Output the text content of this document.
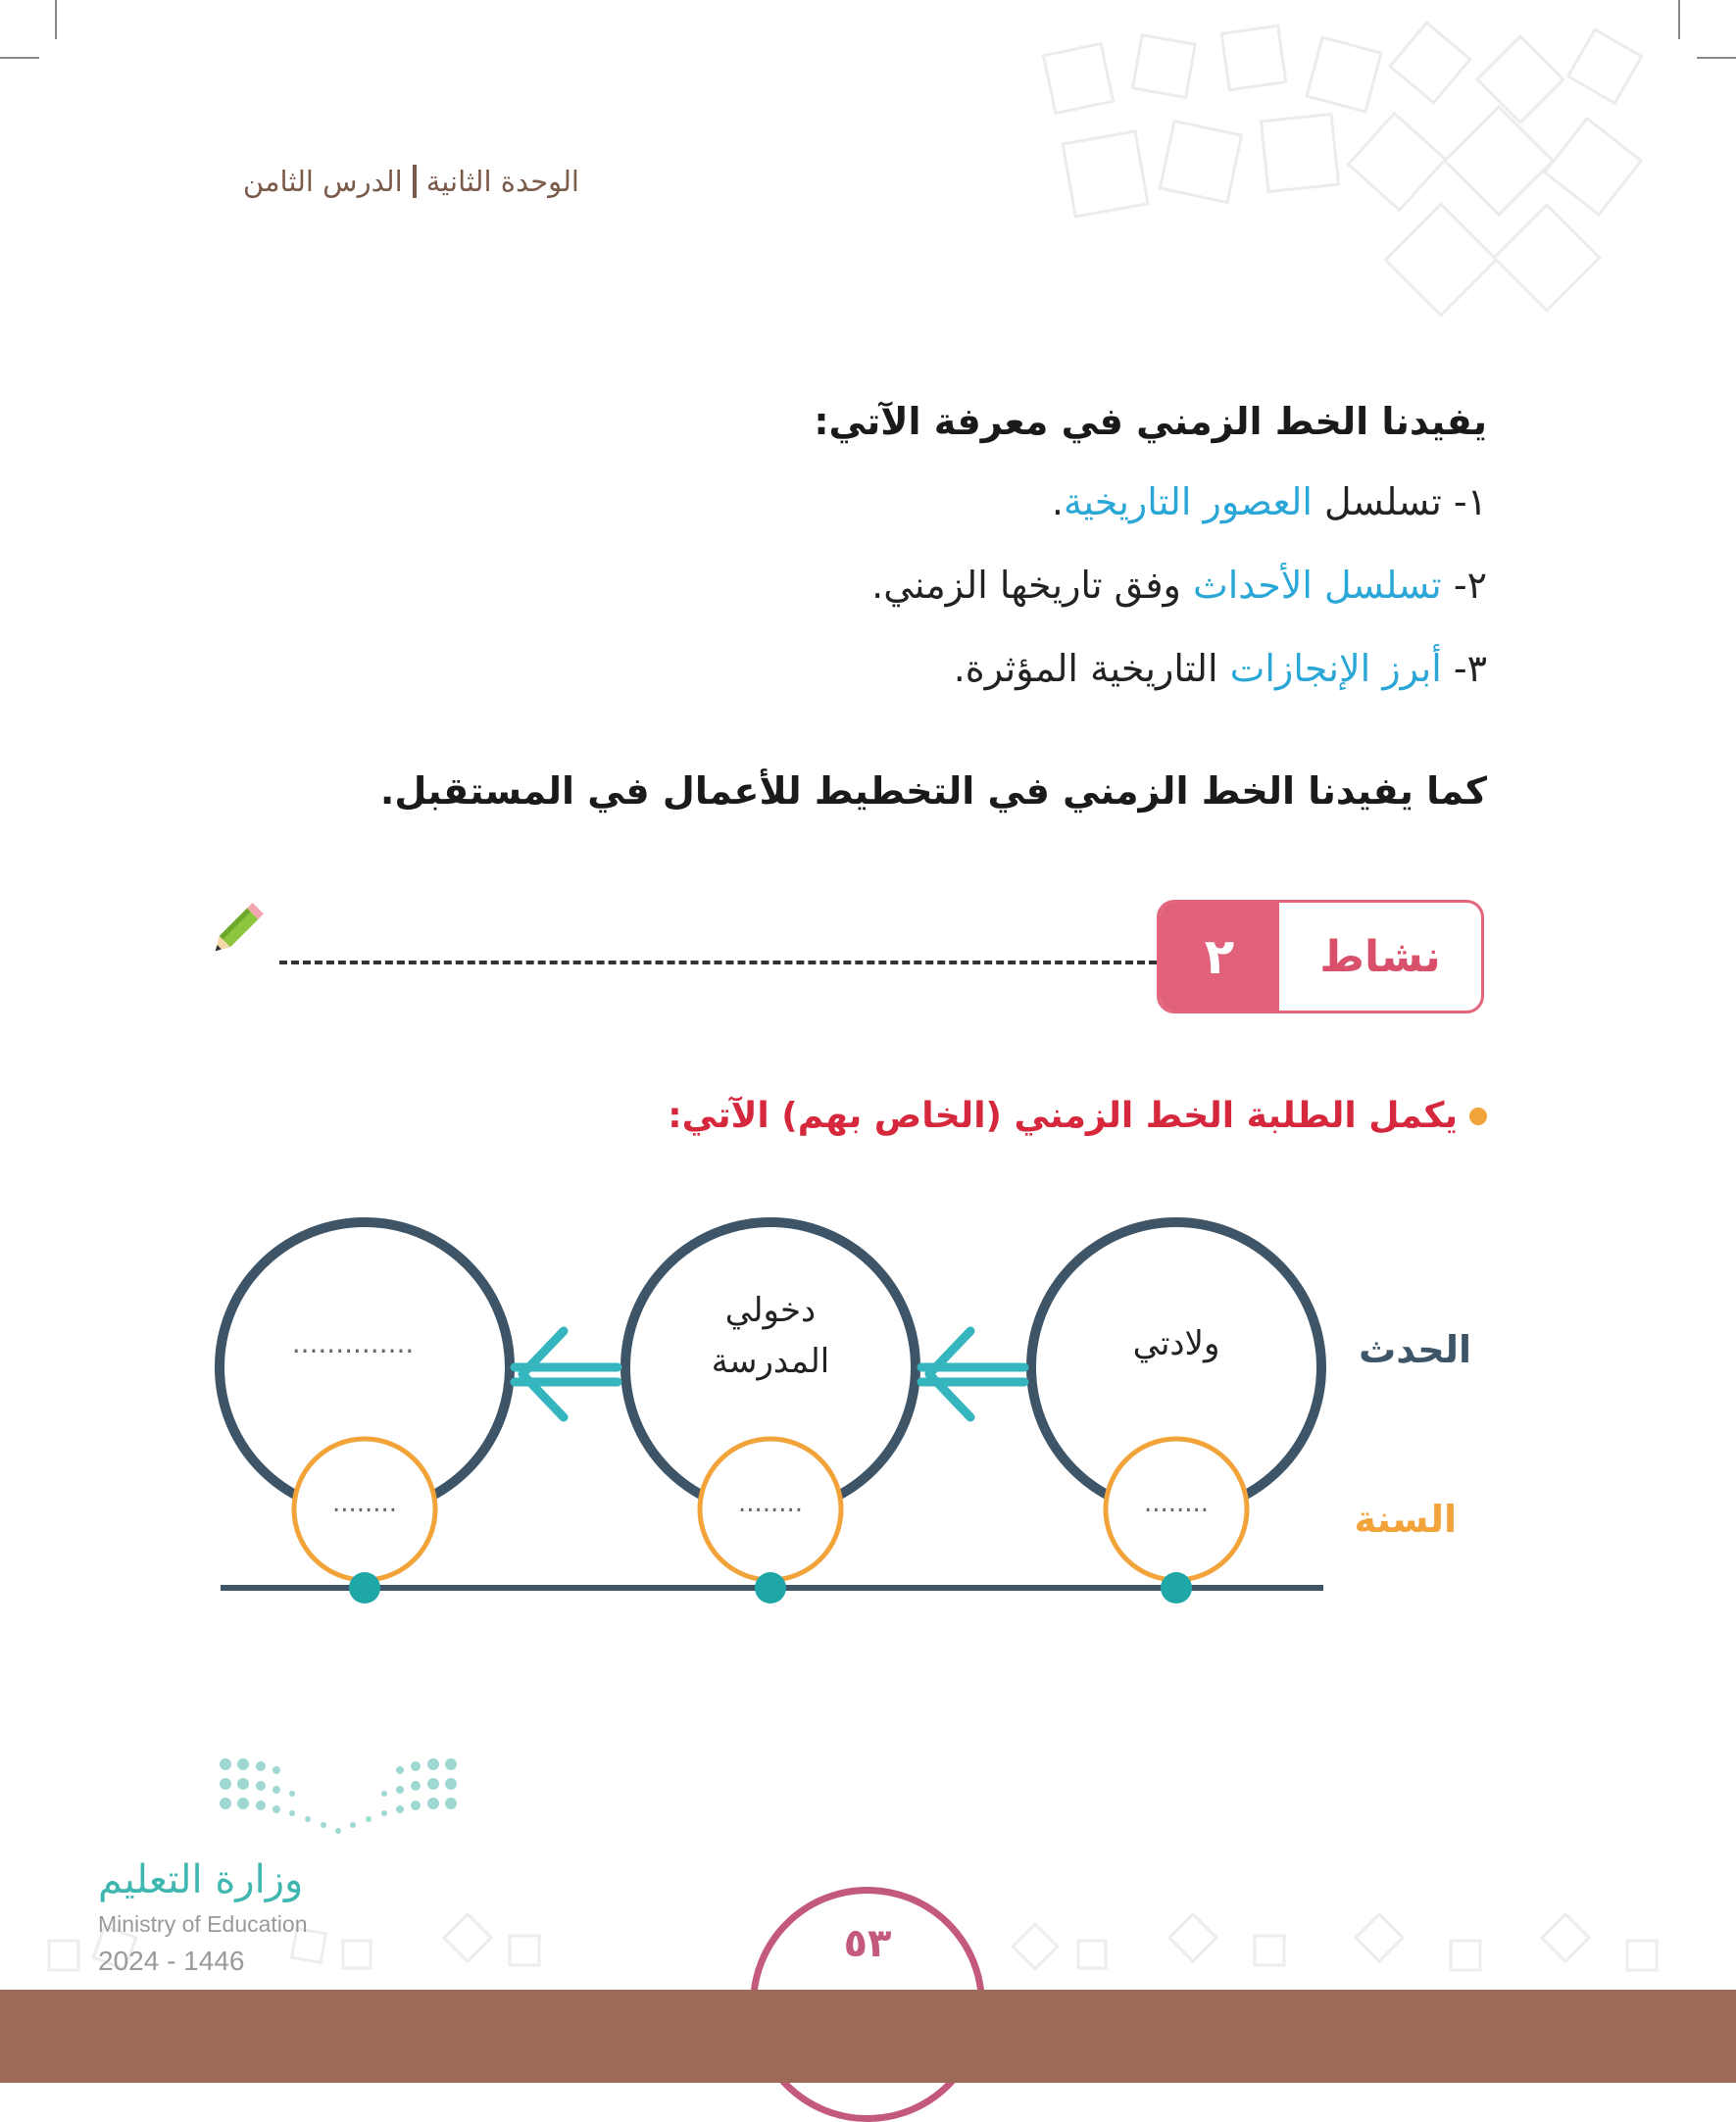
الوحدة الثانية
الدرس الثامن
يفيدنا الخط الزمني في معرفة الآتي:
١- تسلسل العصور التاريخية.
٢- تسلسل الأحداث وفق تاريخها الزمني.
٣- أبرز الإنجازات التاريخية المؤثرة.
كما يفيدنا الخط الزمني في التخطيط للأعمال في المستقبل.
نشاط
٢
يكمل الطلبة الخط الزمني (الخاص بهم) الآتي:
ولادتي
دخولي
المدرسة
..............
........
........
........
الحدث
السنة
وزارة التعليم
Ministry of Education
2024 - 1446	٥٣
